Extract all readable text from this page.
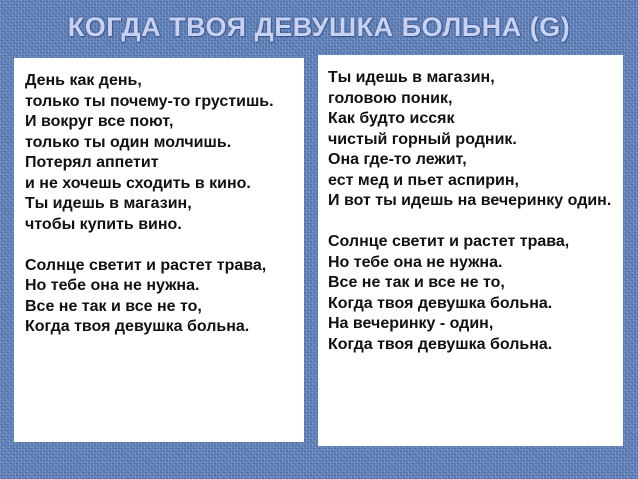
КОГДА ТВОЯ ДЕВУШКА БОЛЬНА (G)
День как день,
только ты почему-то грустишь.
И вокруг все поют,
только ты один молчишь.
Потерял аппетит
и не хочешь сходить в кино.
Ты идешь в магазин,
чтобы купить вино.

Солнце светит и растет трава,
Но тебе она не нужна.
Все не так и все не то,
Когда твоя девушка больна.
Ты идешь в магазин,
головою поник,
Как будто иссяк
чистый горный родник.
Она где-то лежит,
ест мед и пьет аспирин,
И вот ты идешь на вечеринку один.

Солнце светит и растет трава,
Но тебе она не нужна.
Все не так и все не то,
Когда твоя девушка больна.
На вечеринку - один,
Когда твоя девушка больна.
